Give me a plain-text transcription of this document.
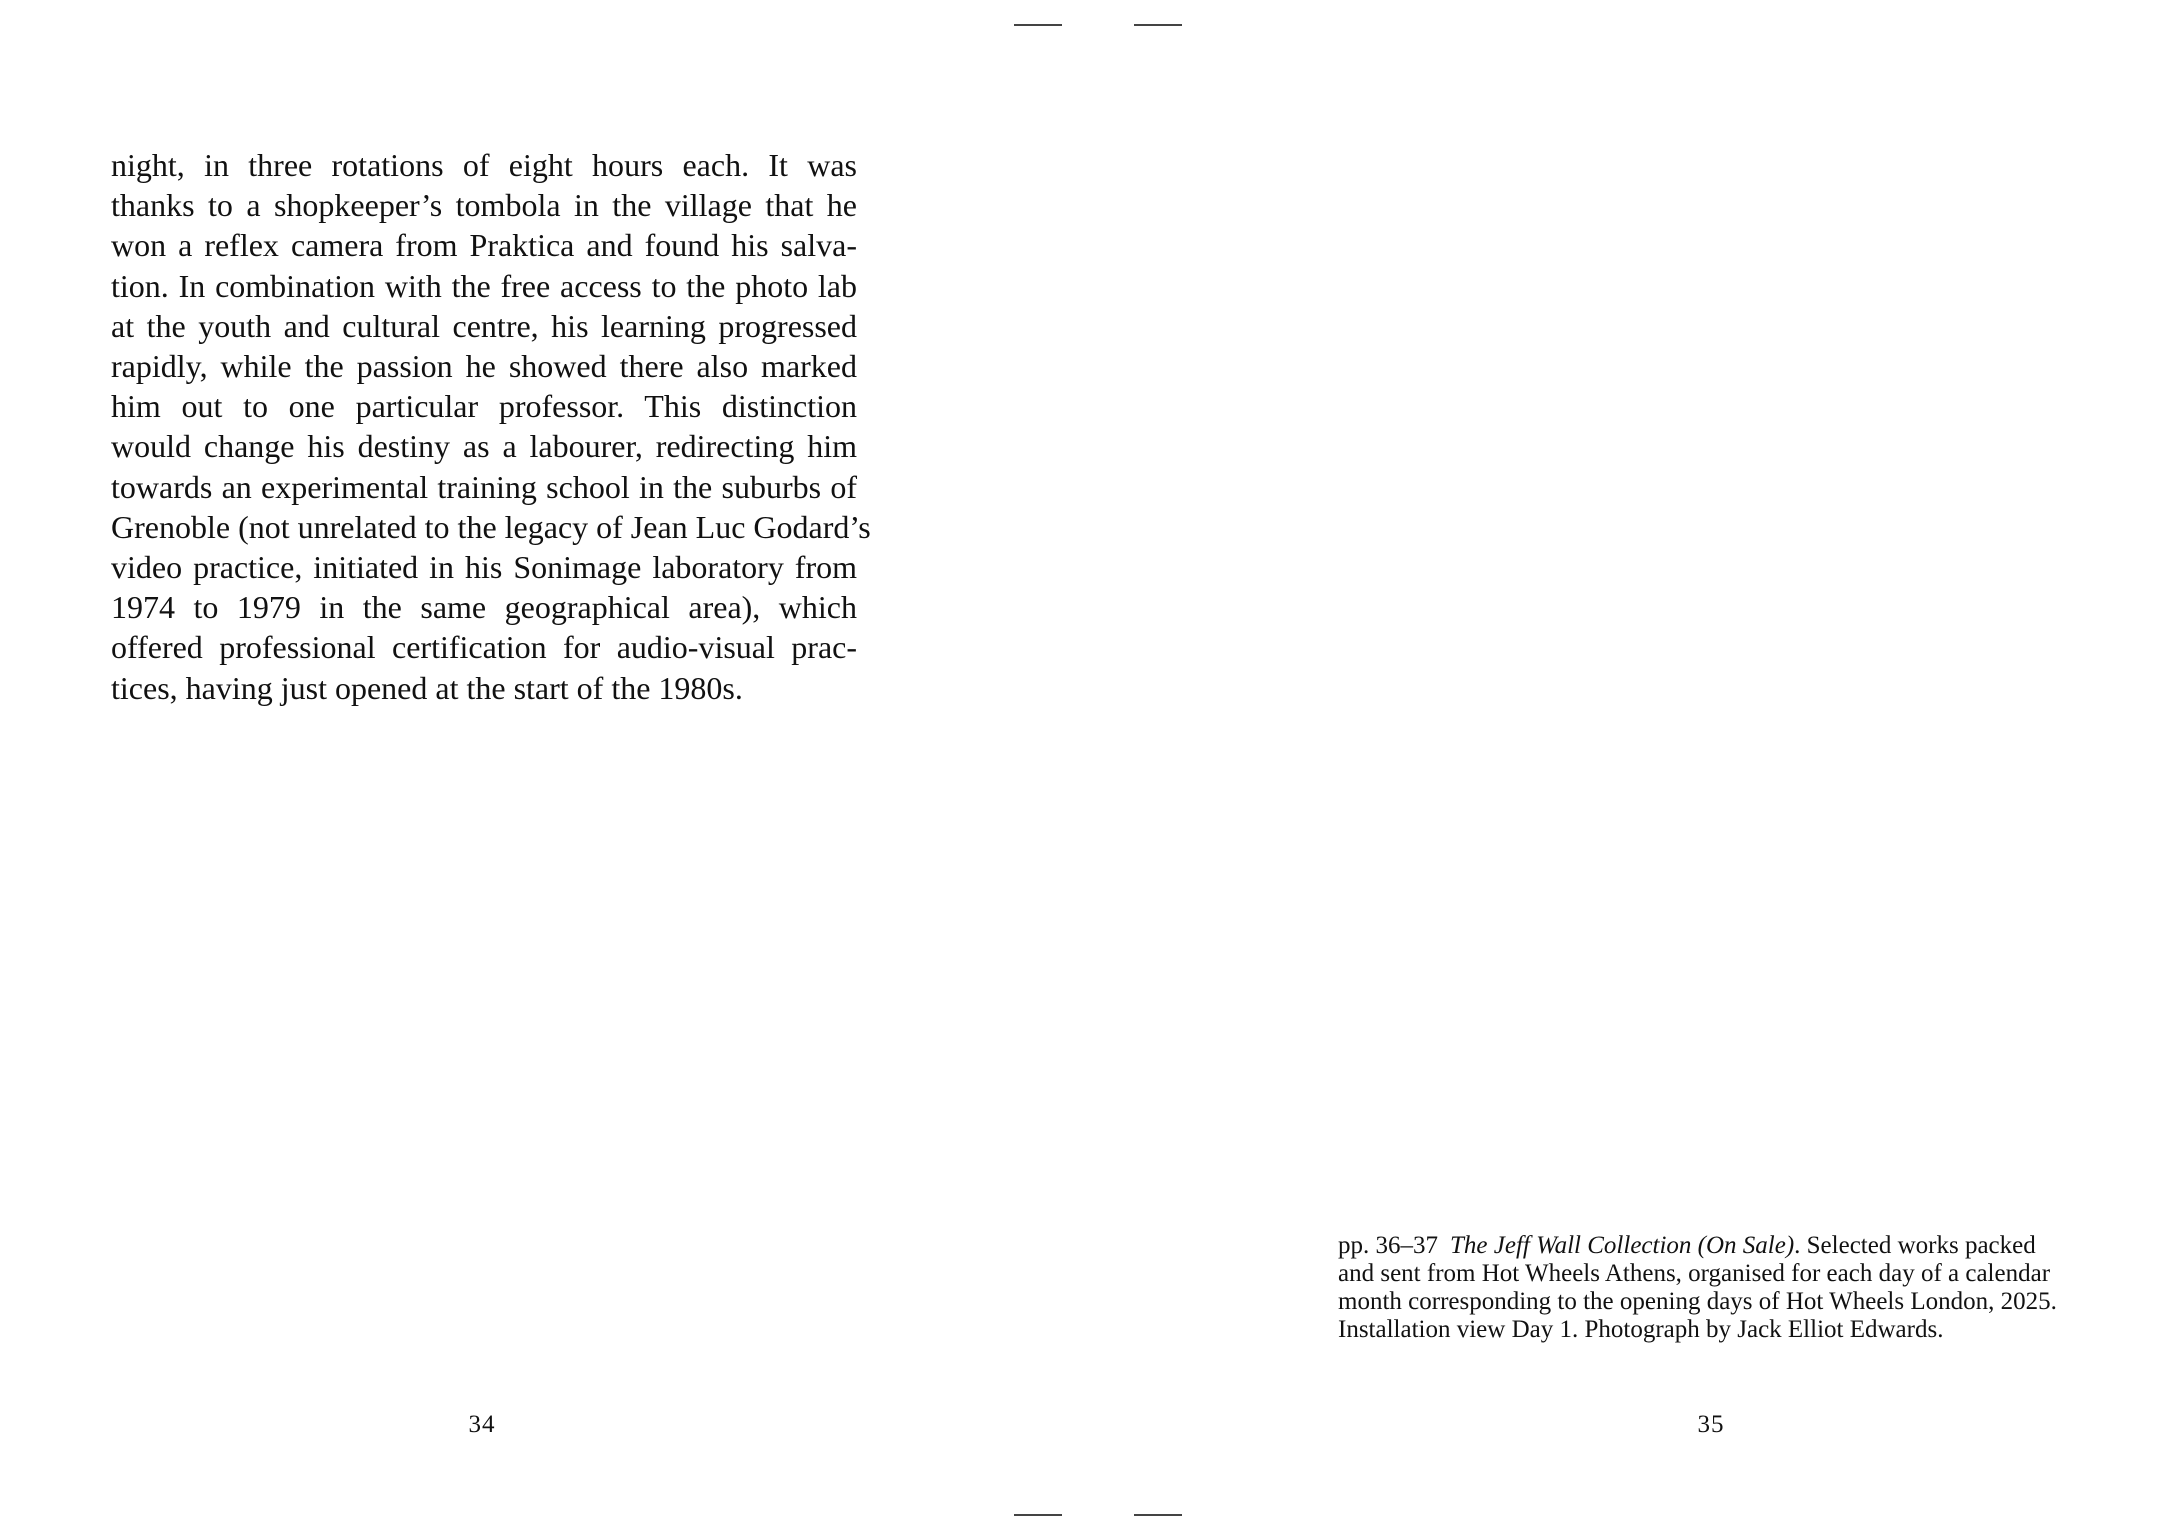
night, in three rotations of eight hours each. It was
thanks to a shopkeeper’s tombola in the village that he
won a reflex camera from Praktica and found his salva-
tion. In combination with the free access to the photo lab
at the youth and cultural centre, his learning progressed
rapidly, while the passion he showed there also marked
him out to one particular professor. This distinction
would change his destiny as a labourer, redirecting him
towards an experimental training school in the suburbs of
Grenoble (not unrelated to the legacy of Jean Luc Godard’s
video practice, initiated in his Sonimage laboratory from
1974 to 1979 in the same geographical area), which
offered professional certification for audio-visual prac-
tices, having just opened at the start of the 1980s.
pp. 36–37 The Jeff Wall Collection (On Sale). Selected works packed
and sent from Hot Wheels Athens, organised for each day of a calendar
month corresponding to the opening days of Hot Wheels London, 2025.
Installation view Day 1. Photograph by Jack Elliot Edwards.
34	35
